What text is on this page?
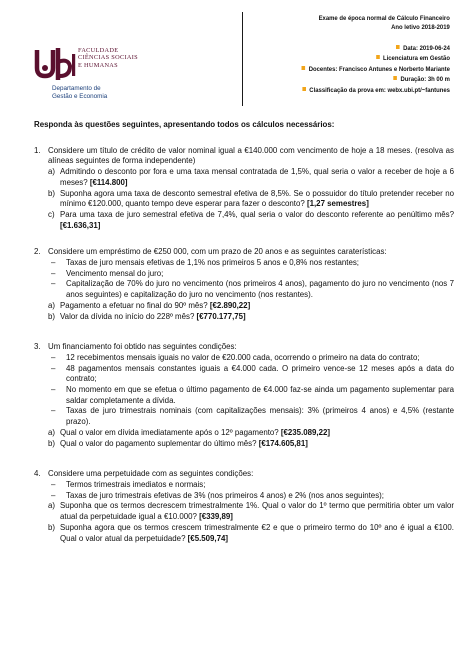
FACULDADE
CIÊNCIAS SOCIAIS
E HUMANAS
Departamento de
Gestão e Economia
Exame de época normal de Cálculo Financeiro
Ano letivo 2018-2019
Data: 2019-06-24
Licenciatura em Gestão
Docentes: Francisco Antunes e Norberto Mariante
Duração: 3h 00 m
Classificação da prova em: webx.ubi.pt/~fantunes
Responda às questões seguintes, apresentando todos os cálculos necessários:
1. Considere um título de crédito de valor nominal igual a €140.000 com vencimento de hoje a 18 meses. (resolva as alíneas seguintes de forma independente)
a) Admitindo o desconto por fora e uma taxa mensal contratada de 1,5%, qual seria o valor a receber de hoje a 6 meses? [€114.800]
b) Suponha agora uma taxa de desconto semestral efetiva de 8,5%. Se o possuidor do título pretender receber no mínimo €120.000, quanto tempo deve esperar para fazer o desconto? [1,27 semestres]
c) Para uma taxa de juro semestral efetiva de 7,4%, qual seria o valor do desconto referente ao penúltimo mês? [€1.636,31]
2. Considere um empréstimo de €250 000, com um prazo de 20 anos e as seguintes caraterísticas:
–	Taxas de juro mensais efetivas de 1,1% nos primeiros 5 anos e 0,8% nos restantes;
–	Vencimento mensal do juro;
–	Capitalização de 70% do juro no vencimento (nos primeiros 4 anos), pagamento do juro no vencimento (nos 7 anos seguintes) e capitalização do juro no vencimento (nos restantes).
a) Pagamento a efetuar no final do 90º mês? [€2.890,22]
b) Valor da dívida no início do 228º mês? [€770.177,75]
3. Um financiamento foi obtido nas seguintes condições:
–	12 recebimentos mensais iguais no valor de €20.000 cada, ocorrendo o primeiro na data do contrato;
–	48 pagamentos mensais constantes iguais a €4.000 cada. O primeiro vence-se 12 meses após a data do contrato;
–	No momento em que se efetua o último pagamento de €4.000 faz-se ainda um pagamento suplementar para saldar completamente a dívida.
–	Taxas de juro trimestrais nominais (com capitalizações mensais): 3% (primeiros 4 anos) e 4,5% (restante prazo).
a) Qual o valor em dívida imediatamente após o 12º pagamento? [€235.089,22]
b) Qual o valor do pagamento suplementar do último mês? [€174.605,81]
4. Considere uma perpetuidade com as seguintes condições:
–	Termos trimestrais imediatos e normais;
–	Taxas de juro trimestrais efetivas de 3% (nos primeiros 4 anos) e 2% (nos anos seguintes);
a) Suponha que os termos decrescem trimestralmente 1%. Qual o valor do 1º termo que permitiria obter um valor atual da perpetuidade igual a €10.000? [€339,89]
b) Suponha agora que os termos crescem trimestralmente €2 e que o primeiro termo do 10º ano é igual a €100. Qual o valor atual da perpetuidade? [€5.509,74]
